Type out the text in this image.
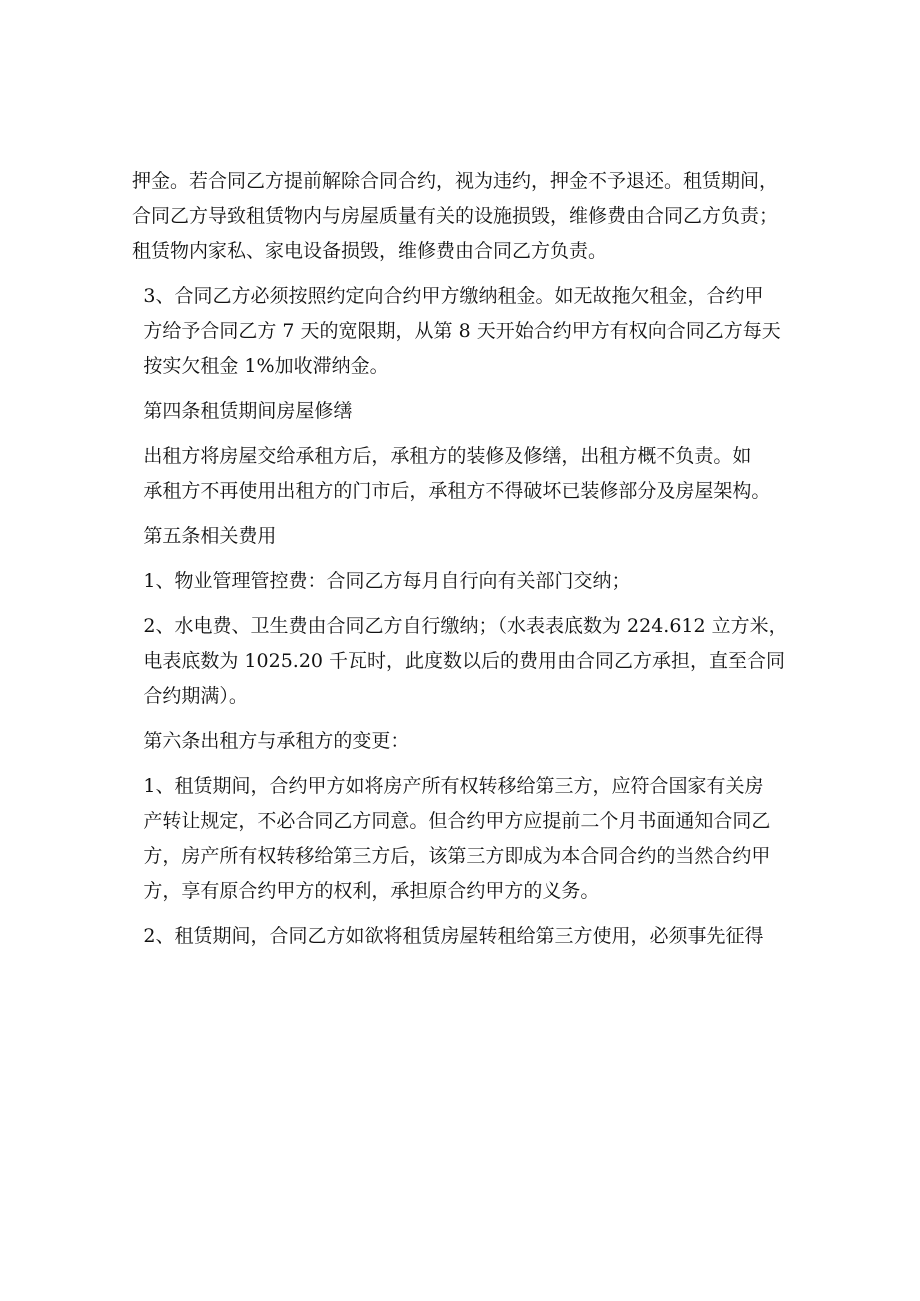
押金。若合同乙方提前解除合同合约，视为违约，押金不予退还。租赁期间，
合同乙方导致租赁物内与房屋质量有关的设施损毁，维修费由合同乙方负责；
租赁物内家私、家电设备损毁，维修费由合同乙方负责。

3、合同乙方必须按照约定向合约甲方缴纳租金。如无故拖欠租金，合约甲
方给予合同乙方 7 天的宽限期，从第 8 天开始合约甲方有权向合同乙方每天
按实欠租金 1%加收滞纳金。

第四条租赁期间房屋修缮

出租方将房屋交给承租方后，承租方的装修及修缮，出租方概不负责。如
承租方不再使用出租方的门市后，承租方不得破坏已装修部分及房屋架构。

第五条相关费用

1、物业管理管控费：合同乙方每月自行向有关部门交纳；

2、水电费、卫生费由合同乙方自行缴纳；（水表表底数为 224.612 立方米，
电表底数为 1025.20 千瓦时，此度数以后的费用由合同乙方承担，直至合同
合约期满）。

第六条出租方与承租方的变更：

1、租赁期间，合约甲方如将房产所有权转移给第三方，应符合国家有关房
产转让规定，不必合同乙方同意。但合约甲方应提前二个月书面通知合同乙
方，房产所有权转移给第三方后，该第三方即成为本合同合约的当然合约甲
方，享有原合约甲方的权利，承担原合约甲方的义务。

2、租赁期间，合同乙方如欲将租赁房屋转租给第三方使用，必须事先征得
